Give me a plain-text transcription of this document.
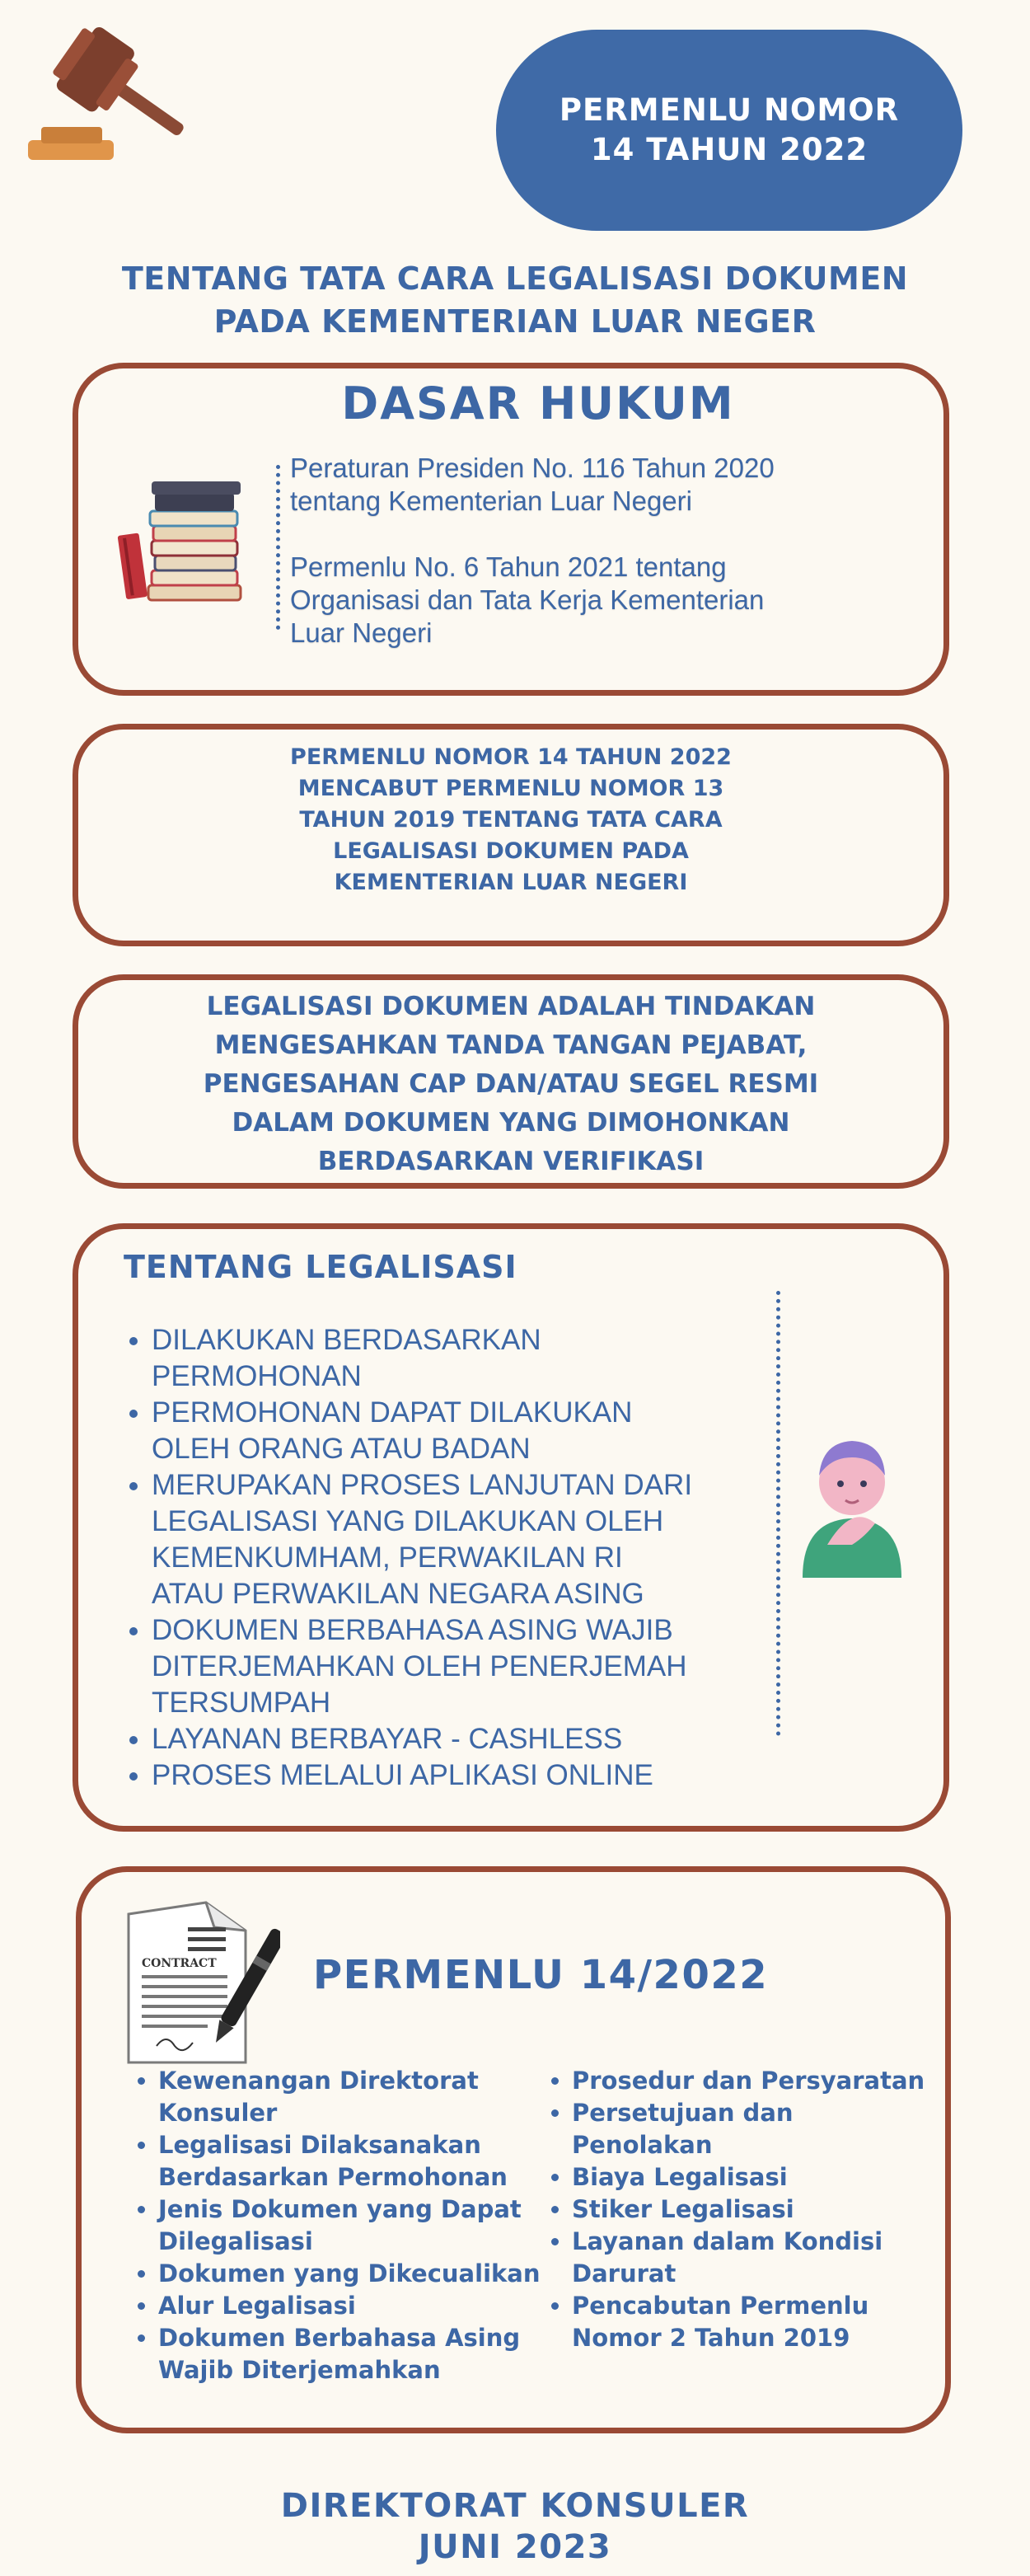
PERMENLU NOMOR
14 TAHUN 2022
TENTANG TATA CARA LEGALISASI DOKUMEN
PADA KEMENTERIAN LUAR NEGER
DASAR HUKUM
Peraturan Presiden No. 116 Tahun 2020
tentang Kementerian Luar Negeri
Permenlu No. 6 Tahun 2021 tentang
Organisasi dan Tata Kerja Kementerian
Luar Negeri
PERMENLU NOMOR 14 TAHUN 2022
MENCABUT PERMENLU NOMOR 13
TAHUN 2019 TENTANG TATA CARA
LEGALISASI DOKUMEN PADA
KEMENTERIAN LUAR NEGERI
LEGALISASI DOKUMEN ADALAH TINDAKAN
MENGESAHKAN TANDA TANGAN PEJABAT,
PENGESAHAN CAP DAN/ATAU SEGEL RESMI
DALAM DOKUMEN YANG DIMOHONKAN
BERDASARKAN VERIFIKASI
TENTANG LEGALISASI
• DILAKUKAN BERDASARKAN
PERMOHONAN
• PERMOHONAN DAPAT DILAKUKAN
OLEH ORANG ATAU BADAN
• MERUPAKAN PROSES LANJUTAN DARI
LEGALISASI YANG DILAKUKAN OLEH
KEMENKUMHAM, PERWAKILAN RI
ATAU PERWAKILAN NEGARA ASING
• DOKUMEN BERBAHASA ASING WAJIB
DITERJEMAHKAN OLEH PENERJEMAH
TERSUMPAH
• LAYANAN BERBAYAR - CASHLESS
• PROSES MELALUI APLIKASI ONLINE
CONTRACT PERMENLU 14/2022
• Kewenangan Direktorat
Konsuler
• Legalisasi Dilaksanakan
Berdasarkan Permohonan
• Jenis Dokumen yang Dapat
Dilegalisasi
• Dokumen yang Dikecualikan
• Alur Legalisasi
• Dokumen Berbahasa Asing
Wajib Diterjemahkan
• Prosedur dan Persyaratan
• Persetujuan dan
Penolakan
• Biaya Legalisasi
• Stiker Legalisasi
• Layanan dalam Kondisi
Darurat
• Pencabutan Permenlu
Nomor 2 Tahun 2019
DIREKTORAT KONSULER
JUNI 2023
